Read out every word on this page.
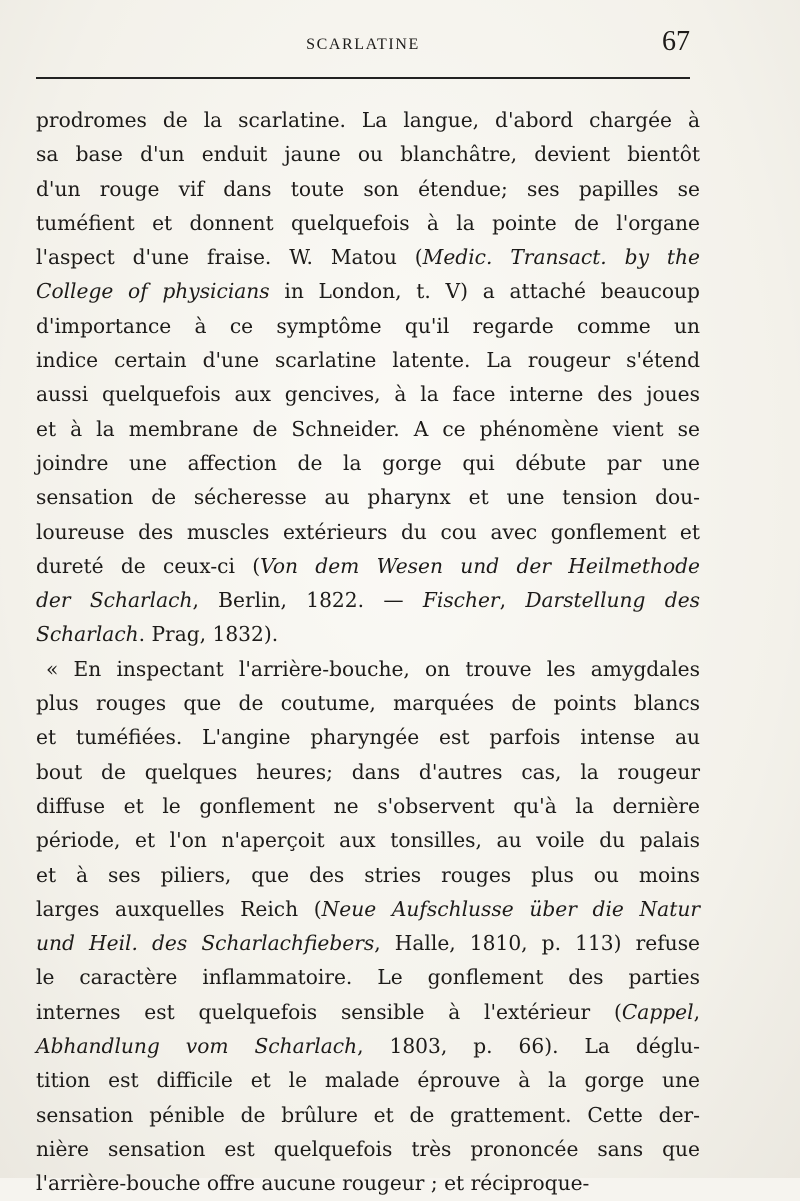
SCARLATINE	67
prodromes de la scarlatine. La langue, d'abord chargée à
sa base d'un enduit jaune ou blanchâtre, devient bientôt
d'un rouge vif dans toute son étendue; ses papilles se
tuméfient et donnent quelquefois à la pointe de l'organe
l'aspect d'une fraise. W. Matou (Medic. Transact. by the
College of physicians in London, t. V) a attaché beaucoup
d'importance à ce symptôme qu'il regarde comme un
indice certain d'une scarlatine latente. La rougeur s'étend
aussi quelquefois aux gencives, à la face interne des joues
et à la membrane de Schneider. A ce phénomène vient se
joindre une affection de la gorge qui débute par une
sensation de sécheresse au pharynx et une tension dou-
loureuse des muscles extérieurs du cou avec gonflement et
dureté de ceux-ci (Von dem Wesen und der Heilmethode
der Scharlach, Berlin, 1822. — Fischer, Darstellung des
Scharlach. Prag, 1832).
« En inspectant l'arrière-bouche, on trouve les amygdales
plus rouges que de coutume, marquées de points blancs
et tuméfiées. L'angine pharyngée est parfois intense au
bout de quelques heures; dans d'autres cas, la rougeur
diffuse et le gonflement ne s'observent qu'à la dernière
période, et l'on n'aperçoit aux tonsilles, au voile du palais
et à ses piliers, que des stries rouges plus ou moins
larges auxquelles Reich (Neue Aufschlusse über die Natur
und Heil. des Scharlachfiebers, Halle, 1810, p. 113) refuse
le caractère inflammatoire. Le gonflement des parties
internes est quelquefois sensible à l'extérieur (Cappel,
Abhandlung vom Scharlach, 1803, p. 66). La déglu-
tition est difficile et le malade éprouve à la gorge une
sensation pénible de brûlure et de grattement. Cette der-
nière sensation est quelquefois très prononcée sans que
l'arrière-bouche offre aucune rougeur ; et réciproque-
